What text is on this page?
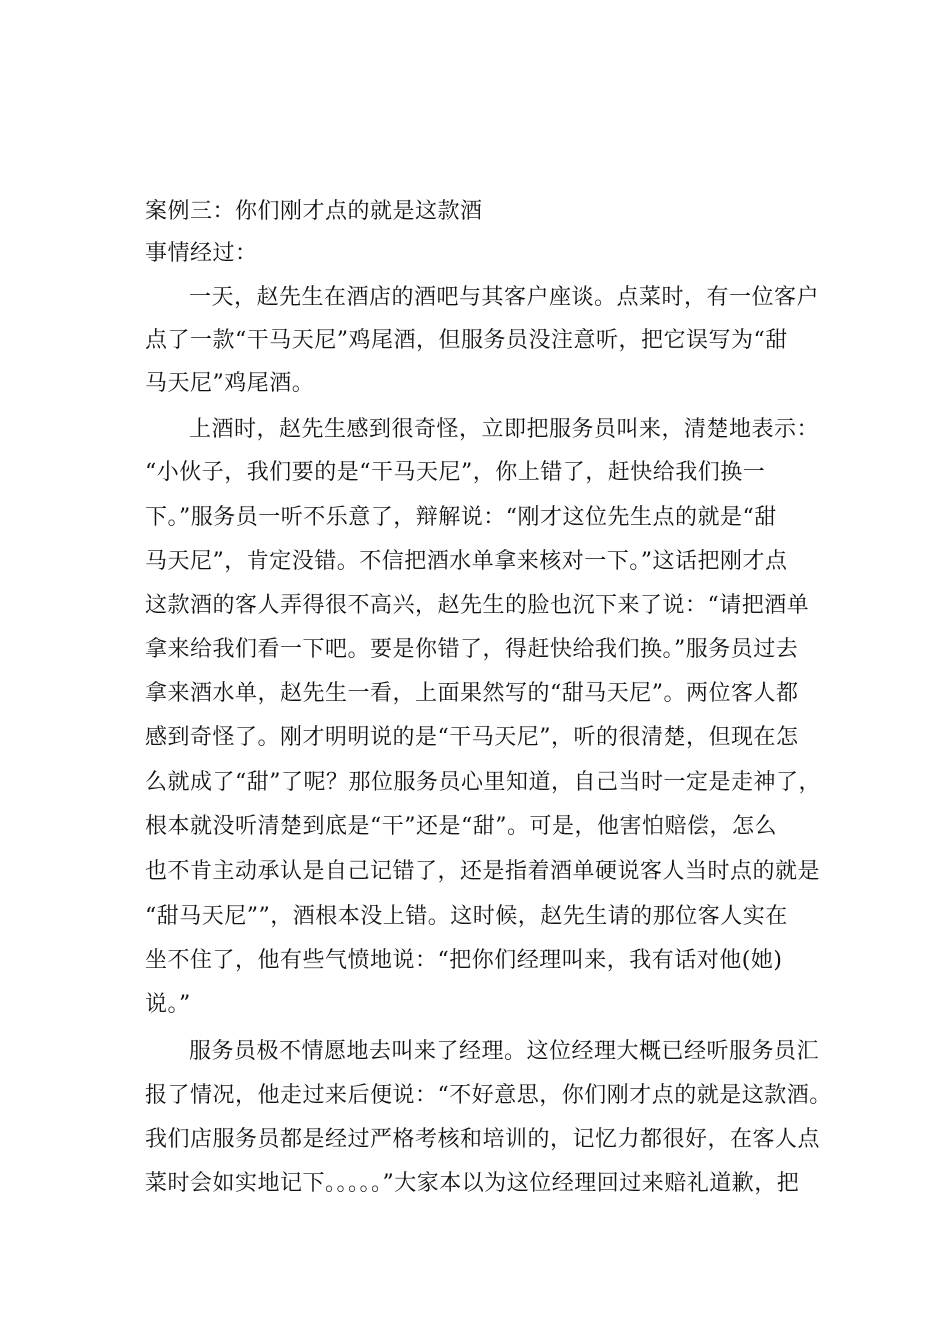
案例三：你们刚才点的就是这款酒
事情经过：
一天，赵先生在酒店的酒吧与其客户座谈。点菜时，有一位客户
点了一款“干马天尼”鸡尾酒，但服务员没注意听，把它误写为“甜
马天尼”鸡尾酒。
上酒时，赵先生感到很奇怪，立即把服务员叫来，清楚地表示：
“小伙子，我们要的是“干马天尼”，你上错了，赶快给我们换一
下。”服务员一听不乐意了，辩解说：“刚才这位先生点的就是“甜
马天尼”，肯定没错。不信把酒水单拿来核对一下。”这话把刚才点
这款酒的客人弄得很不高兴，赵先生的脸也沉下来了说：“请把酒单
拿来给我们看一下吧。要是你错了，得赶快给我们换。”服务员过去
拿来酒水单，赵先生一看，上面果然写的“甜马天尼”。两位客人都
感到奇怪了。刚才明明说的是“干马天尼”，听的很清楚，但现在怎
么就成了“甜”了呢？那位服务员心里知道，自己当时一定是走神了，
根本就没听清楚到底是“干”还是“甜”。可是，他害怕赔偿，怎么
也不肯主动承认是自己记错了，还是指着酒单硬说客人当时点的就是
“甜马天尼””，酒根本没上错。这时候，赵先生请的那位客人实在
坐不住了，他有些气愤地说：“把你们经理叫来，我有话对他(她)
说。”
服务员极不情愿地去叫来了经理。这位经理大概已经听服务员汇
报了情况，他走过来后便说：“不好意思，你们刚才点的就是这款酒。
我们店服务员都是经过严格考核和培训的，记忆力都很好，在客人点
菜时会如实地记下。。。。。”大家本以为这位经理回过来赔礼道歉，把
